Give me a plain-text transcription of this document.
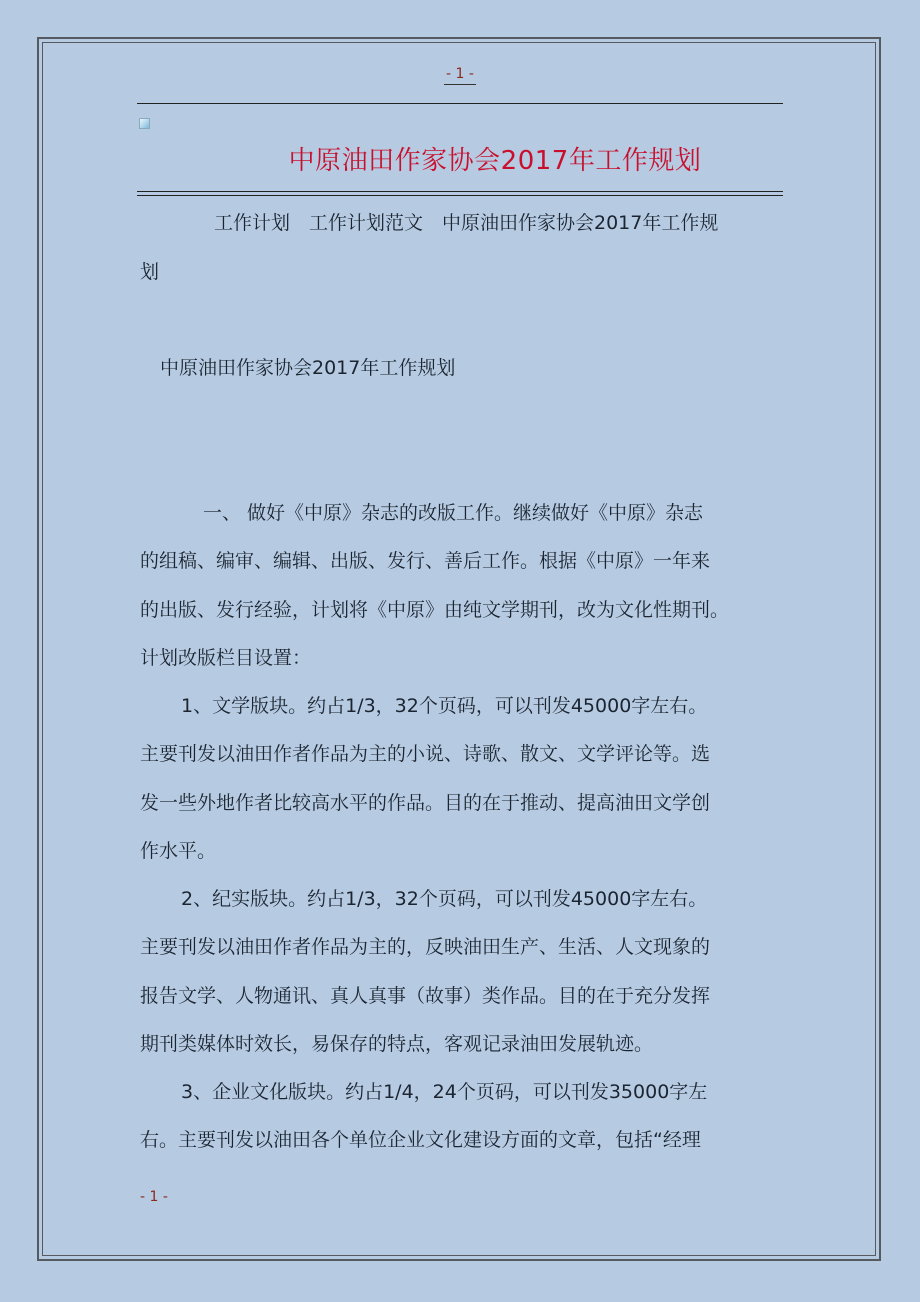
- 1 -
中原油田作家协会2017年工作规划
工作计划　工作计划范文　中原油田作家协会2017年工作规
划
中原油田作家协会2017年工作规划
一、 做好《中原》杂志的改版工作。继续做好《中原》杂志
的组稿、编审、编辑、出版、发行、善后工作。根据《中原》一年来
的出版、发行经验，计划将《中原》由纯文学期刊，改为文化性期刊。
计划改版栏目设置：
1、文学版块。约占1/3，32个页码，可以刊发45000字左右。
主要刊发以油田作者作品为主的小说、诗歌、散文、文学评论等。选
发一些外地作者比较高水平的作品。目的在于推动、提高油田文学创
作水平。
2、纪实版块。约占1/3，32个页码，可以刊发45000字左右。
主要刊发以油田作者作品为主的，反映油田生产、生活、人文现象的
报告文学、人物通讯、真人真事（故事）类作品。目的在于充分发挥
期刊类媒体时效长，易保存的特点，客观记录油田发展轨迹。
3、企业文化版块。约占1/4，24个页码，可以刊发35000字左
右。主要刊发以油田各个单位企业文化建设方面的文章，包括“经理
- 1 -
